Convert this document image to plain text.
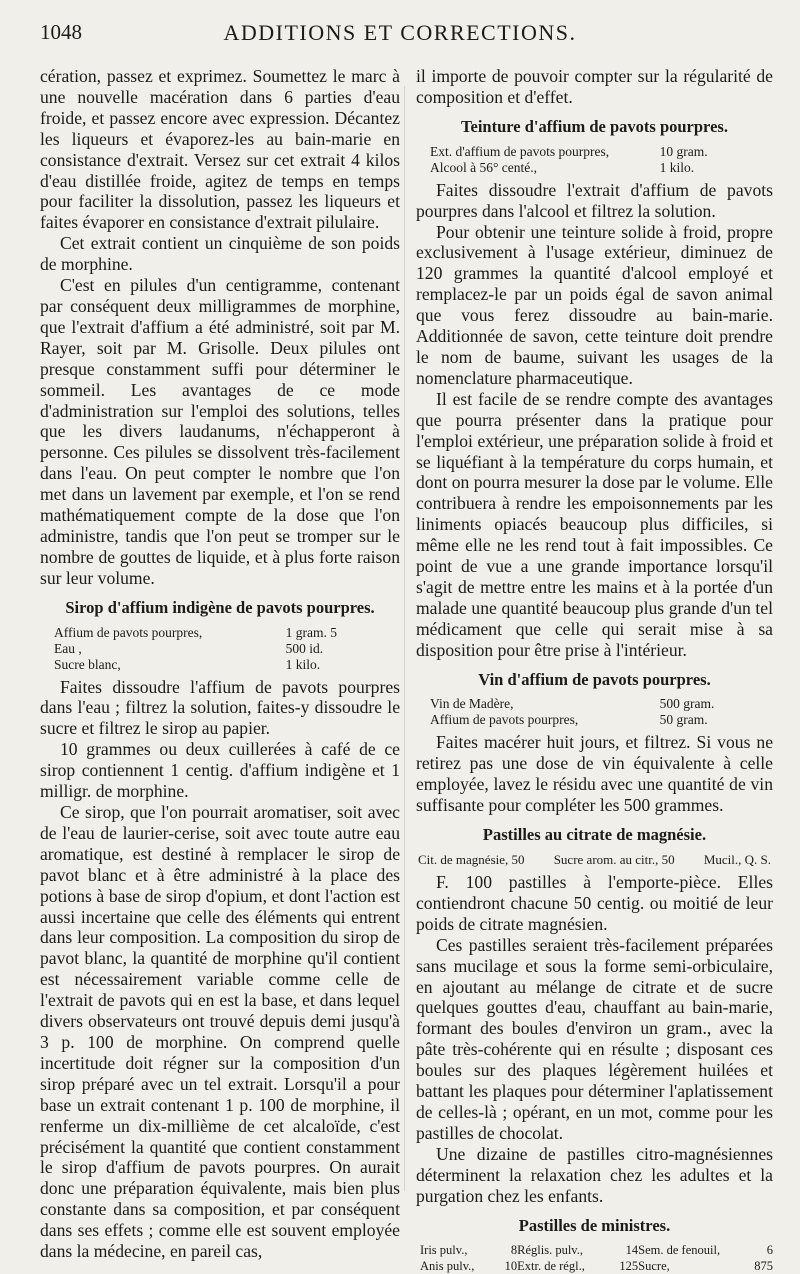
1048	ADDITIONS ET CORRECTIONS.

cération, passez et exprimez. Soumettez le marc à une nouvelle macération dans 6 parties d'eau froide, et passez encore avec expression. Décantez les liqueurs et évaporez-les au bain-marie en consistance d'extrait. Versez sur cet extrait 4 kilos d'eau distillée froide, agitez de temps en temps pour faciliter la dissolution, passez les liqueurs et faites évaporer en consistance d'extrait pilulaire.

Cet extrait contient un cinquième de son poids de morphine.

C'est en pilules d'un centigramme, contenant par conséquent deux milligrammes de morphine, que l'extrait d'affium a été administré, soit par M. Rayer, soit par M. Grisolle. Deux pilules ont presque constamment suffi pour déterminer le sommeil. Les avantages de ce mode d'administration sur l'emploi des solutions, telles que les divers laudanums, n'échapperont à personne. Ces pilules se dissolvent très-facilement dans l'eau. On peut compter le nombre que l'on met dans un lavement par exemple, et l'on se rend mathématiquement compte de la dose que l'on administre, tandis que l'on peut se tromper sur le nombre de gouttes de liquide, et à plus forte raison sur leur volume.

Sirop d'affium indigène de pavots pourpres.
Affium de pavots pourpres,	1 gram. 5
Eau ,	500 id.
Sucre blanc,	1 kilo.

Faites dissoudre l'affium de pavots pourpres dans l'eau ; filtrez la solution, faites-y dissoudre le sucre et filtrez le sirop au papier.

10 grammes ou deux cuillerées à café de ce sirop contiennent 1 centig. d'affium indigène et 1 milligr. de morphine.

Ce sirop, que l'on pourrait aromatiser, soit avec de l'eau de laurier-cerise, soit avec toute autre eau aromatique, est destiné à remplacer le sirop de pavot blanc et à être administré à la place des potions à base de sirop d'opium, et dont l'action est aussi incertaine que celle des éléments qui entrent dans leur composition. La composition du sirop de pavot blanc, la quantité de morphine qu'il contient est nécessairement variable comme celle de l'extrait de pavots qui en est la base, et dans lequel divers observateurs ont trouvé depuis demi jusqu'à 3 p. 100 de morphine. On comprend quelle incertitude doit régner sur la composition d'un sirop préparé avec un tel extrait. Lorsqu'il a pour base un extrait contenant 1 p. 100 de morphine, il renferme un dix-millième de cet alcaloïde, c'est précisément la quantité que contient constamment le sirop d'affium de pavots pourpres. On aurait donc une préparation équivalente, mais bien plus constante dans sa composition, et par conséquent dans ses effets ; comme elle est souvent employée dans la médecine, en pareil cas,

il importe de pouvoir compter sur la régularité de composition et d'effet.

Teinture d'affium de pavots pourpres.
Ext. d'affium de pavots pourpres,	10 gram.
Alcool à 56° centé.,	1 kilo.

Faites dissoudre l'extrait d'affium de pavots pourpres dans l'alcool et filtrez la solution.

Pour obtenir une teinture solide à froid, propre exclusivement à l'usage extérieur, diminuez de 120 grammes la quantité d'alcool employé et remplacez-le par un poids égal de savon animal que vous ferez dissoudre au bain-marie. Additionnée de savon, cette teinture doit prendre le nom de baume, suivant les usages de la nomenclature pharmaceutique.

Il est facile de se rendre compte des avantages que pourra présenter dans la pratique pour l'emploi extérieur, une préparation solide à froid et se liquéfiant à la température du corps humain, et dont on pourra mesurer la dose par le volume. Elle contribuera à rendre les empoisonnements par les liniments opiacés beaucoup plus difficiles, si même elle ne les rend tout à fait impossibles. Ce point de vue a une grande importance lorsqu'il s'agit de mettre entre les mains et à la portée d'un malade une quantité beaucoup plus grande d'un tel médicament que celle qui serait mise à sa disposition pour être prise à l'intérieur.

Vin d'affium de pavots pourpres.
Vin de Madère,	500 gram.
Affium de pavots pourpres,	50 gram.

Faites macérer huit jours, et filtrez. Si vous ne retirez pas une dose de vin équivalente à celle employée, lavez le résidu avec une quantité de vin suffisante pour compléter les 500 grammes.

Pastilles au citrate de magnésie.
Cit. de magnésie, 50 Sucre arom. au citr., 50 Mucil., Q. S.

F. 100 pastilles à l'emporte-pièce. Elles contiendront chacune 50 centig. ou moitié de leur poids de citrate magnésien.

Ces pastilles seraient très-facilement préparées sans mucilage et sous la forme semi-orbiculaire, en ajoutant au mélange de citrate et de sucre quelques gouttes d'eau, chauffant au bain-marie, formant des boules d'environ un gram., avec la pâte très-cohérente qui en résulte ; disposant ces boules sur des plaques légèrement huilées et battant les plaques pour déterminer l'aplatissement de celles-là ; opérant, en un mot, comme pour les pastilles de chocolat.

Une dizaine de pastilles citro-magnésiennes déterminent la relaxation chez les adultes et la purgation chez les enfants.

Pastilles de ministres.
Iris pulv.,	8 Réglis. pulv.,	14 Sem. de fenouil,	6
Anis pulv.,	10 Extr. de régl.,	125 Sucre,	875
